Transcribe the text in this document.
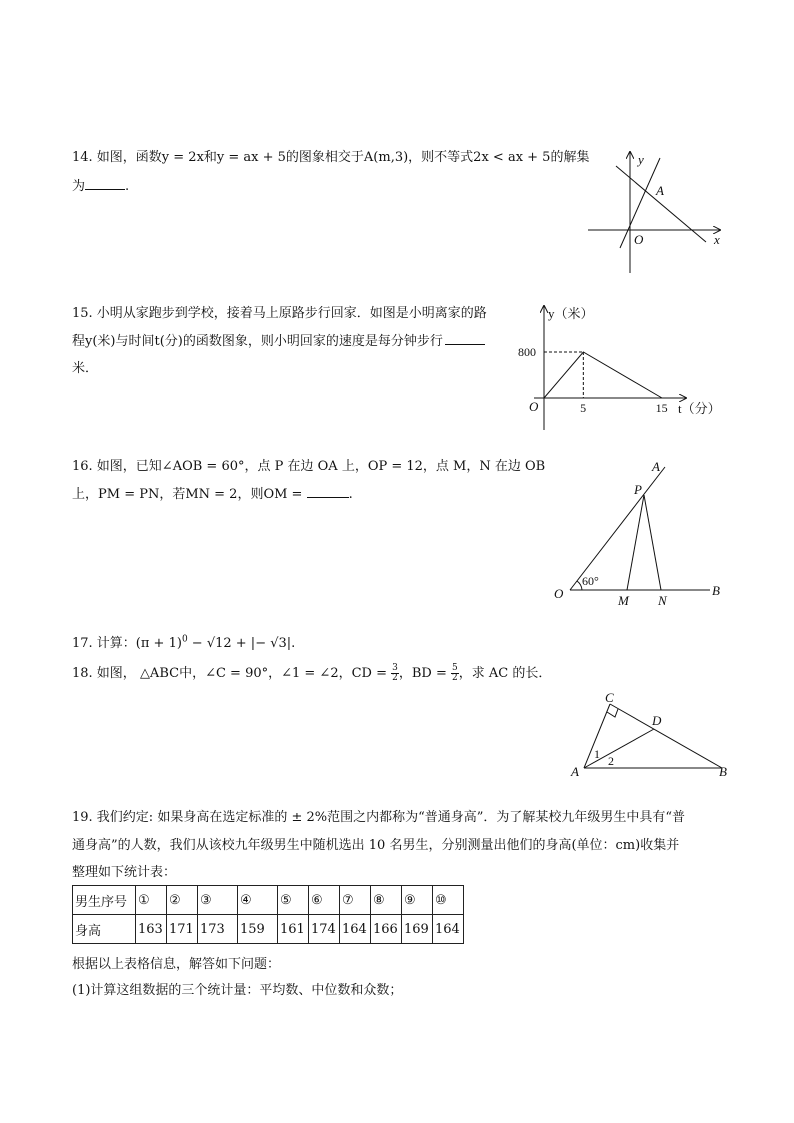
14. 如图，函数y = 2x和y = ax + 5的图象相交于A(m,3)，则不等式2x < ax + 5的解集
为	.
y
x
A
O
15. 小明从家跑步到学校，接着马上原路步行回家．如图是小明离家的路
程y(米)与时间t(分)的函数图象，则小明回家的速度是每分钟步行
米．
5	15
800
y（米）
t（分）
O
16. 如图，已知∠AOB = 60°，点 P 在边 OA 上，OP = 12，点 M，N 在边 OB
上，PM = PN，若MN = 2，则OM =	.
60°
A
P
O	M N
B
17. 计算：$(\pi + 1)^0 - √12$ + |− √3|.
18. 如图， △ABC中，∠C = 90°，∠1 = ∠2，CD = $\frac{3}{2}$ ，BD = $\frac{5}{2}$ ，求 AC 的长．
C
D
A	B
1 2
19. 我们约定: 如果身高在选定标准的 ± 2%范围之内都称为“普通身高”．为了解某校九年级男生中具有“普
通身高”的人数，我们从该校九年级男生中随机选出 10 名男生，分别测量出他们的身高(单位：cm)收集并
整理如下统计表：
男生序号	①	②	③	④	⑤	⑥	⑦	⑧	⑨	⑩
身高	163	171	173	159	161	174	164	166	169	164
根据以上表格信息，解答如下问题：
(1)计算这组数据的三个统计量：平均数、中位数和众数；
